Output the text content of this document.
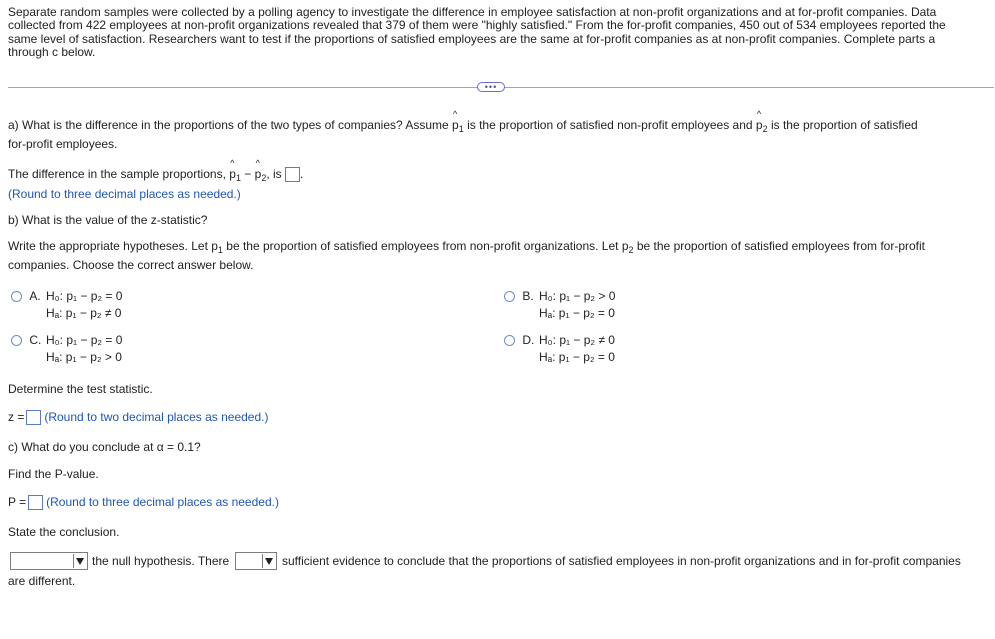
Separate random samples were collected by a polling agency to investigate the difference in employee satisfaction at non-profit organizations and at for-profit companies. Data
collected from 422 employees at non-profit organizations revealed that 379 of them were "highly satisfied." From the for-profit companies, 450 out of 534 employees reported the
same level of satisfaction. Researchers want to test if the proportions of satisfied employees are the same at for-profit companies as at non-profit companies. Complete parts a
through c below.
•••
a) What is the difference in the proportions of the two types of companies? Assume ^ $p_1$ is the proportion of satisfied non-profit employees and ^ $p_2$ is the proportion of satisfied
for-profit employees.
The difference in the sample proportions, ^ $p_1$ − ^ $p_2$, is .
(Round to three decimal places as needed.)
b) What is the value of the z-statistic?
Write the appropriate hypotheses. Let $p_1$ be the proportion of satisfied employees from non-profit organizations. Let $p_2$ be the proportion of satisfied employees from for-profit
companies. Choose the correct answer below.
A. H₀: p₁ − p₂ = 0
Hₐ: p₁ − p₂ ≠ 0
B. H₀: p₁ − p₂ > 0
Hₐ: p₁ − p₂ = 0
C. H₀: p₁ − p₂ = 0
Hₐ: p₁ − p₂ > 0
D. H₀: p₁ − p₂ ≠ 0
Hₐ: p₁ − p₂ = 0
Determine the test statistic.
z = (Round to two decimal places as needed.)
c) What do you conclude at α = 0.1?
Find the P-value.
P = (Round to three decimal places as needed.)
State the conclusion.
the null hypothesis. There	sufficient evidence to conclude that the proportions of satisfied employees in non-profit organizations and in for-profit companies
are different.
